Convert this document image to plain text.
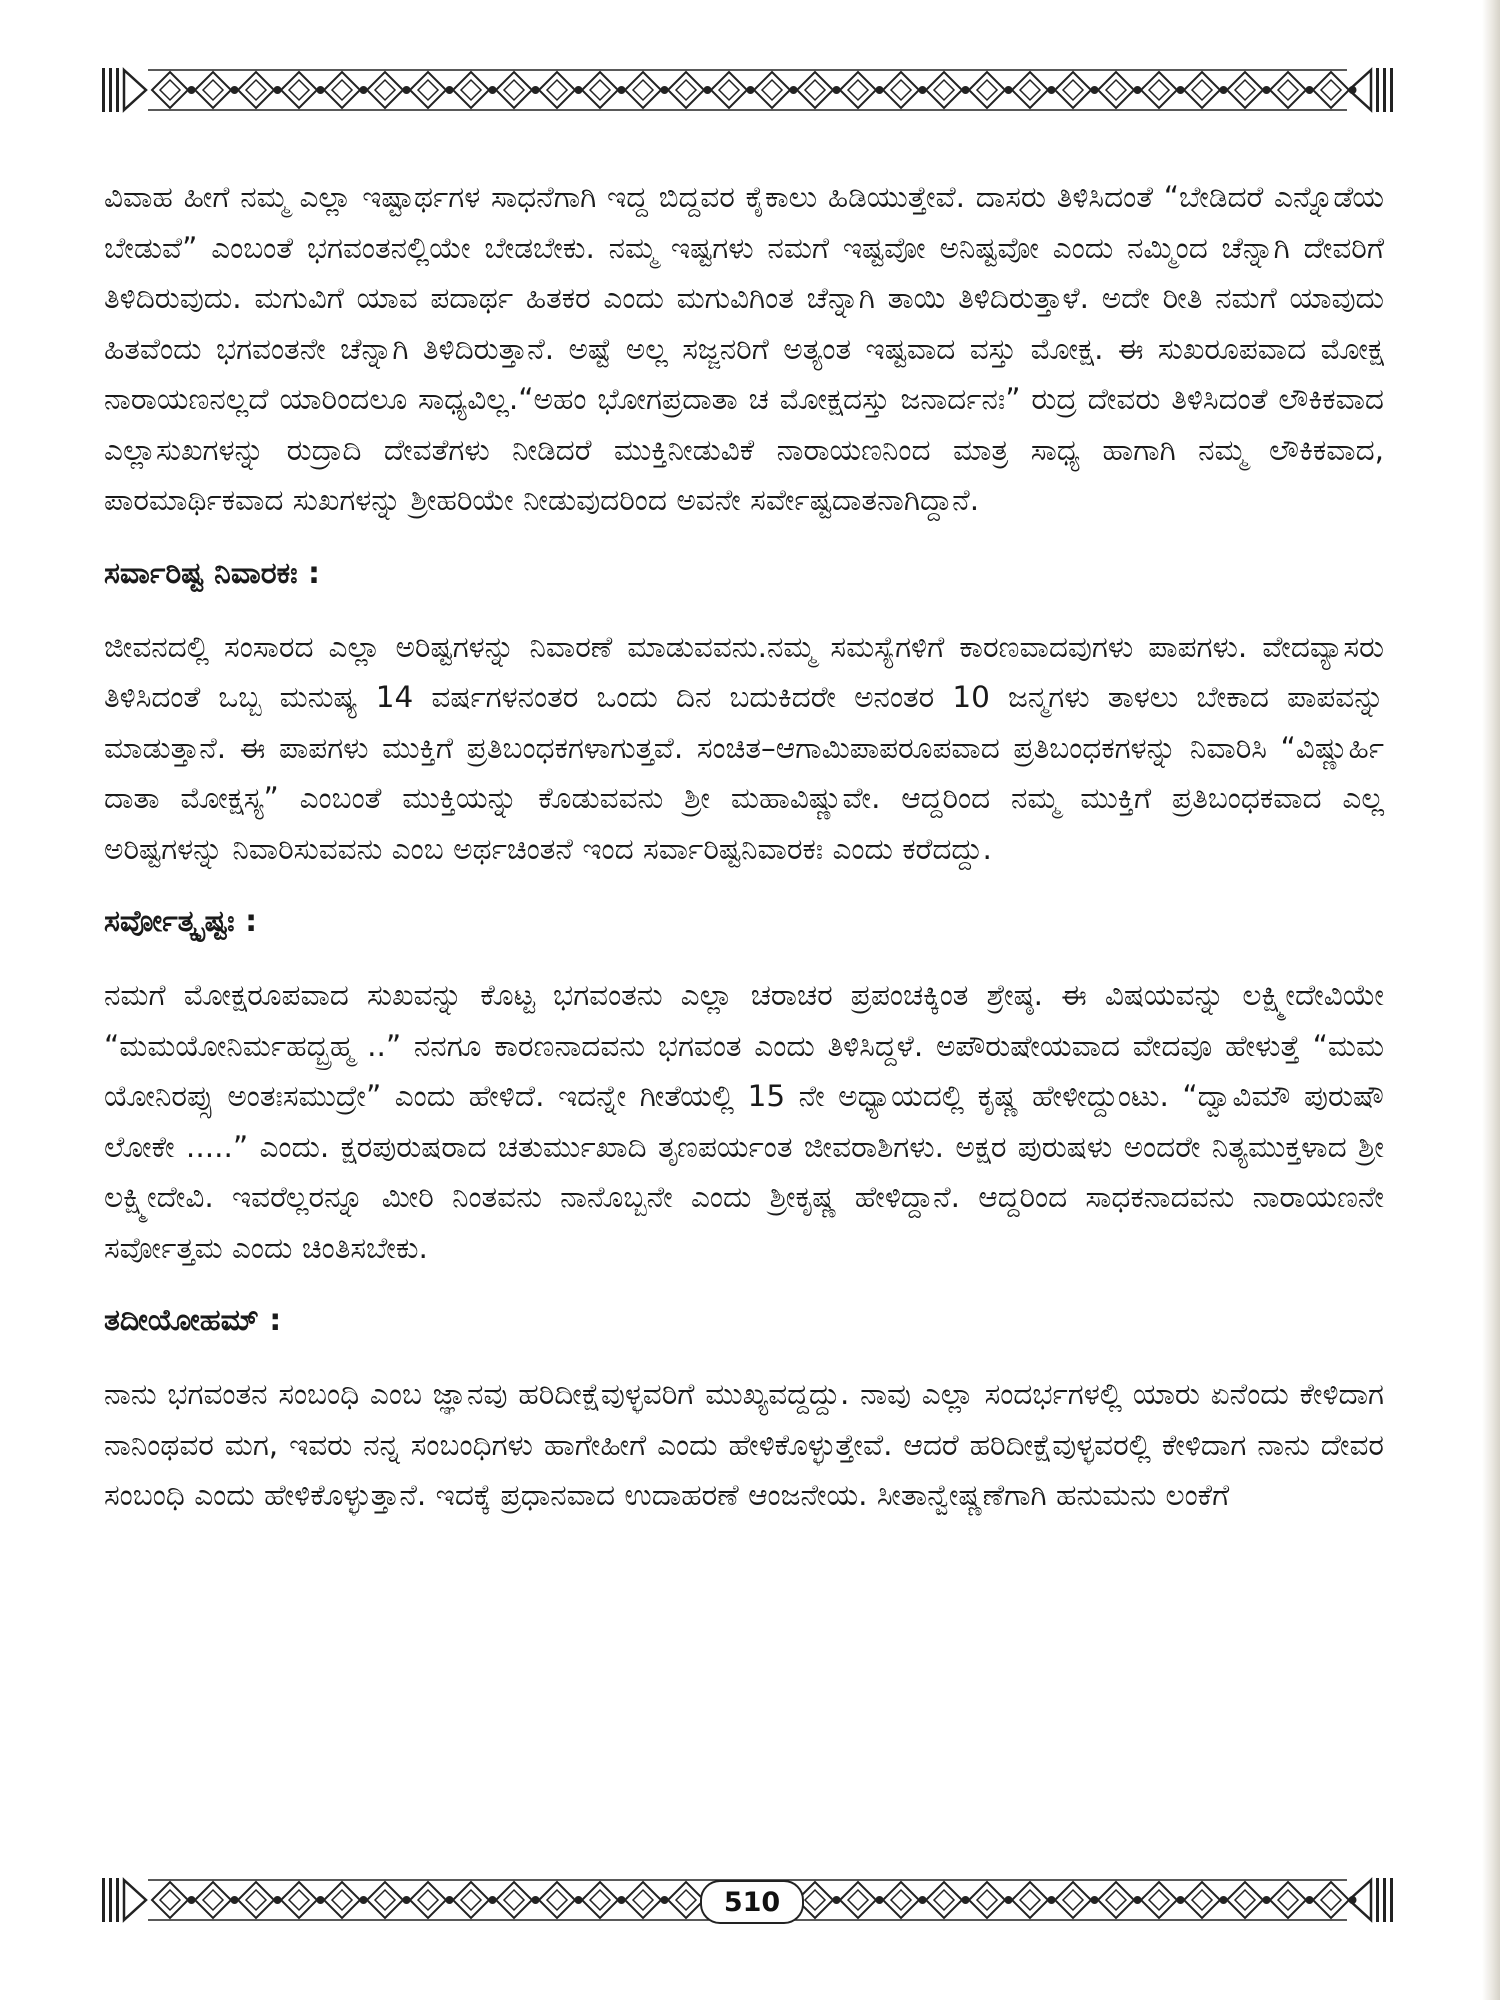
ವಿವಾಹ ಹೀಗೆ ನಮ್ಮ ಎಲ್ಲಾ ಇಷ್ಟಾರ್ಥಗಳ ಸಾಧನೆಗಾಗಿ ಇದ್ದ ಬಿದ್ದವರ ಕೈಕಾಲು ಹಿಡಿಯುತ್ತೇವೆ. ದಾಸರು ತಿಳಿಸಿದಂತೆ “ಬೇಡಿದರೆ ಎನ್ನೊಡೆಯ ಬೇಡುವೆ” ಎಂಬಂತೆ ಭಗವಂತನಲ್ಲಿಯೇ ಬೇಡಬೇಕು. ನಮ್ಮ ಇಷ್ಟಗಳು ನಮಗೆ ಇಷ್ಟವೋ ಅನಿಷ್ಟವೋ ಎಂದು ನಮ್ಮಿಂದ ಚೆನ್ನಾಗಿ ದೇವರಿಗೆ ತಿಳಿದಿರುವುದು. ಮಗುವಿಗೆ ಯಾವ ಪದಾರ್ಥ ಹಿತಕರ ಎಂದು ಮಗುವಿಗಿಂತ ಚೆನ್ನಾಗಿ ತಾಯಿ ತಿಳಿದಿರುತ್ತಾಳೆ. ಅದೇ ರೀತಿ ನಮಗೆ ಯಾವುದು ಹಿತವೆಂದು ಭಗವಂತನೇ ಚೆನ್ನಾಗಿ ತಿಳಿದಿರುತ್ತಾನೆ. ಅಷ್ಟೆ ಅಲ್ಲ ಸಜ್ಜನರಿಗೆ ಅತ್ಯಂತ ಇಷ್ಟವಾದ ವಸ್ತು ಮೋಕ್ಷ. ಈ ಸುಖರೂಪವಾದ ಮೋಕ್ಷ ನಾರಾಯಣನಲ್ಲದೆ ಯಾರಿಂದಲೂ ಸಾಧ್ಯವಿಲ್ಲ.“ಅಹಂ ಭೋಗಪ್ರದಾತಾ ಚ ಮೋಕ್ಷದಸ್ತು ಜನಾರ್ದನಃ” ರುದ್ರ ದೇವರು ತಿಳಿಸಿದಂತೆ ಲೌಕಿಕವಾದ ಎಲ್ಲಾಸುಖಗಳನ್ನು ರುದ್ರಾದಿ ದೇವತೆಗಳು ನೀಡಿದರೆ ಮುಕ್ತಿನೀಡುವಿಕೆ ನಾರಾಯಣನಿಂದ ಮಾತ್ರ ಸಾಧ್ಯ ಹಾಗಾಗಿ ನಮ್ಮ ಲೌಕಿಕವಾದ, ಪಾರಮಾರ್ಥಿಕವಾದ ಸುಖಗಳನ್ನು ಶ್ರೀಹರಿಯೇ ನೀಡುವುದರಿಂದ ಅವನೇ ಸರ್ವೇಷ್ಟದಾತನಾಗಿದ್ದಾನೆ.

ಸರ್ವಾರಿಷ್ಟ ನಿವಾರಕಃ :

ಜೀವನದಲ್ಲಿ ಸಂಸಾರದ ಎಲ್ಲಾ ಅರಿಷ್ಟಗಳನ್ನು ನಿವಾರಣೆ ಮಾಡುವವನು.ನಮ್ಮ ಸಮಸ್ಯೆಗಳಿಗೆ ಕಾರಣವಾದವುಗಳು ಪಾಪಗಳು. ವೇದವ್ಯಾಸರು ತಿಳಿಸಿದಂತೆ ಒಬ್ಬ ಮನುಷ್ಯ 14 ವರ್ಷಗಳನಂತರ ಒಂದು ದಿನ ಬದುಕಿದರೇ ಅನಂತರ 10 ಜನ್ಮಗಳು ತಾಳಲು ಬೇಕಾದ ಪಾಪವನ್ನು ಮಾಡುತ್ತಾನೆ. ಈ ಪಾಪಗಳು ಮುಕ್ತಿಗೆ ಪ್ರತಿಬಂಧಕಗಳಾಗುತ್ತವೆ. ಸಂಚಿತ–ಆಗಾಮಿಪಾಪರೂಪವಾದ ಪ್ರತಿಬಂಧಕಗಳನ್ನು ನಿವಾರಿಸಿ “ವಿಷ್ಣುರ್ಹಿ ದಾತಾ ಮೋಕ್ಷಸ್ಯ” ಎಂಬಂತೆ ಮುಕ್ತಿಯನ್ನು ಕೊಡುವವನು ಶ್ರೀ ಮಹಾವಿಷ್ಣುವೇ. ಆದ್ದರಿಂದ ನಮ್ಮ ಮುಕ್ತಿಗೆ ಪ್ರತಿಬಂಧಕವಾದ ಎಲ್ಲ ಅರಿಷ್ಟಗಳನ್ನು ನಿವಾರಿಸುವವನು ಎಂಬ ಅರ್ಥಚಿಂತನೆ ಇಂದ ಸರ್ವಾರಿಷ್ಟನಿವಾರಕಃ ಎಂದು ಕರೆದದ್ದು.

ಸರ್ವೋತ್ಕೃಷ್ಟಃ :

ನಮಗೆ ಮೋಕ್ಷರೂಪವಾದ ಸುಖವನ್ನು ಕೊಟ್ಟ ಭಗವಂತನು ಎಲ್ಲಾ ಚರಾಚರ ಪ್ರಪಂಚಕ್ಕಿಂತ ಶ್ರೇಷ್ಠ. ಈ ವಿಷಯವನ್ನು ಲಕ್ಷ್ಮೀದೇವಿಯೇ “ಮಮಯೋನಿರ್ಮಹದ್ಬ್ರಹ್ಮ ..” ನನಗೂ ಕಾರಣನಾದವನು ಭಗವಂತ ಎಂದು ತಿಳಿಸಿದ್ದಳೆ. ಅಪೌರುಷೇಯವಾದ ವೇದವೂ ಹೇಳುತ್ತೆ “ಮಮ ಯೋನಿರಪ್ಸು ಅಂತಃಸಮುದ್ರೇ” ಎಂದು ಹೇಳಿದೆ. ಇದನ್ನೇ ಗೀತೆಯಲ್ಲಿ 15 ನೇ ಅಧ್ಯಾಯದಲ್ಲಿ ಕೃಷ್ಣ ಹೇಳೀದ್ದುಂಟು. “ದ್ವಾವಿಮೌ ಪುರುಷೌ ಲೋಕೇ .....” ಎಂದು. ಕ್ಷರಪುರುಷರಾದ ಚತುರ್ಮುಖಾದಿ ತೃಣಪರ್ಯಂತ ಜೀವರಾಶಿಗಳು. ಅಕ್ಷರ ಪುರುಷಳು ಅಂದರೇ ನಿತ್ಯಮುಕ್ತಳಾದ ಶ್ರೀ ಲಕ್ಷ್ಮೀದೇವಿ. ಇವರೆಲ್ಲರನ್ನೂ ಮೀರಿ ನಿಂತವನು ನಾನೊಬ್ಬನೇ ಎಂದು ಶ್ರೀಕೃಷ್ಣ ಹೇಳಿದ್ದಾನೆ. ಆದ್ದರಿಂದ ಸಾಧಕನಾದವನು ನಾರಾಯಣನೇ ಸರ್ವೋತ್ತಮ ಎಂದು ಚಿಂತಿಸಬೇಕು.

ತದೀಯೋಹಮ್ :

ನಾನು ಭಗವಂತನ ಸಂಬಂಧಿ ಎಂಬ ಜ್ಞಾನವು ಹರಿದೀಕ್ಷೆವುಳ್ಳವರಿಗೆ ಮುಖ್ಯವದ್ದದ್ದು. ನಾವು ಎಲ್ಲಾ ಸಂದರ್ಭಗಳಲ್ಲಿ ಯಾರು ಏನೆಂದು ಕೇಳಿದಾಗ ನಾನಿಂಥವರ ಮಗ, ಇವರು ನನ್ನ ಸಂಬಂಧಿಗಳು ಹಾಗೇಹೀಗೆ ಎಂದು ಹೇಳಿಕೊಳ್ಳುತ್ತೇವೆ. ಆದರೆ ಹರಿದೀಕ್ಷೆವುಳ್ಳವರಲ್ಲಿ ಕೇಳಿದಾಗ ನಾನು ದೇವರ ಸಂಬಂಧಿ ಎಂದು ಹೇಳಿಕೊಳ್ಳುತ್ತಾನೆ. ಇದಕ್ಕೆ ಪ್ರಧಾನವಾದ ಉದಾಹರಣೆ ಆಂಜನೇಯ. ಸೀತಾನ್ವೇಷ್ಣಣೆಗಾಗಿ ಹನುಮನು ಲಂಕೆಗೆ

510
